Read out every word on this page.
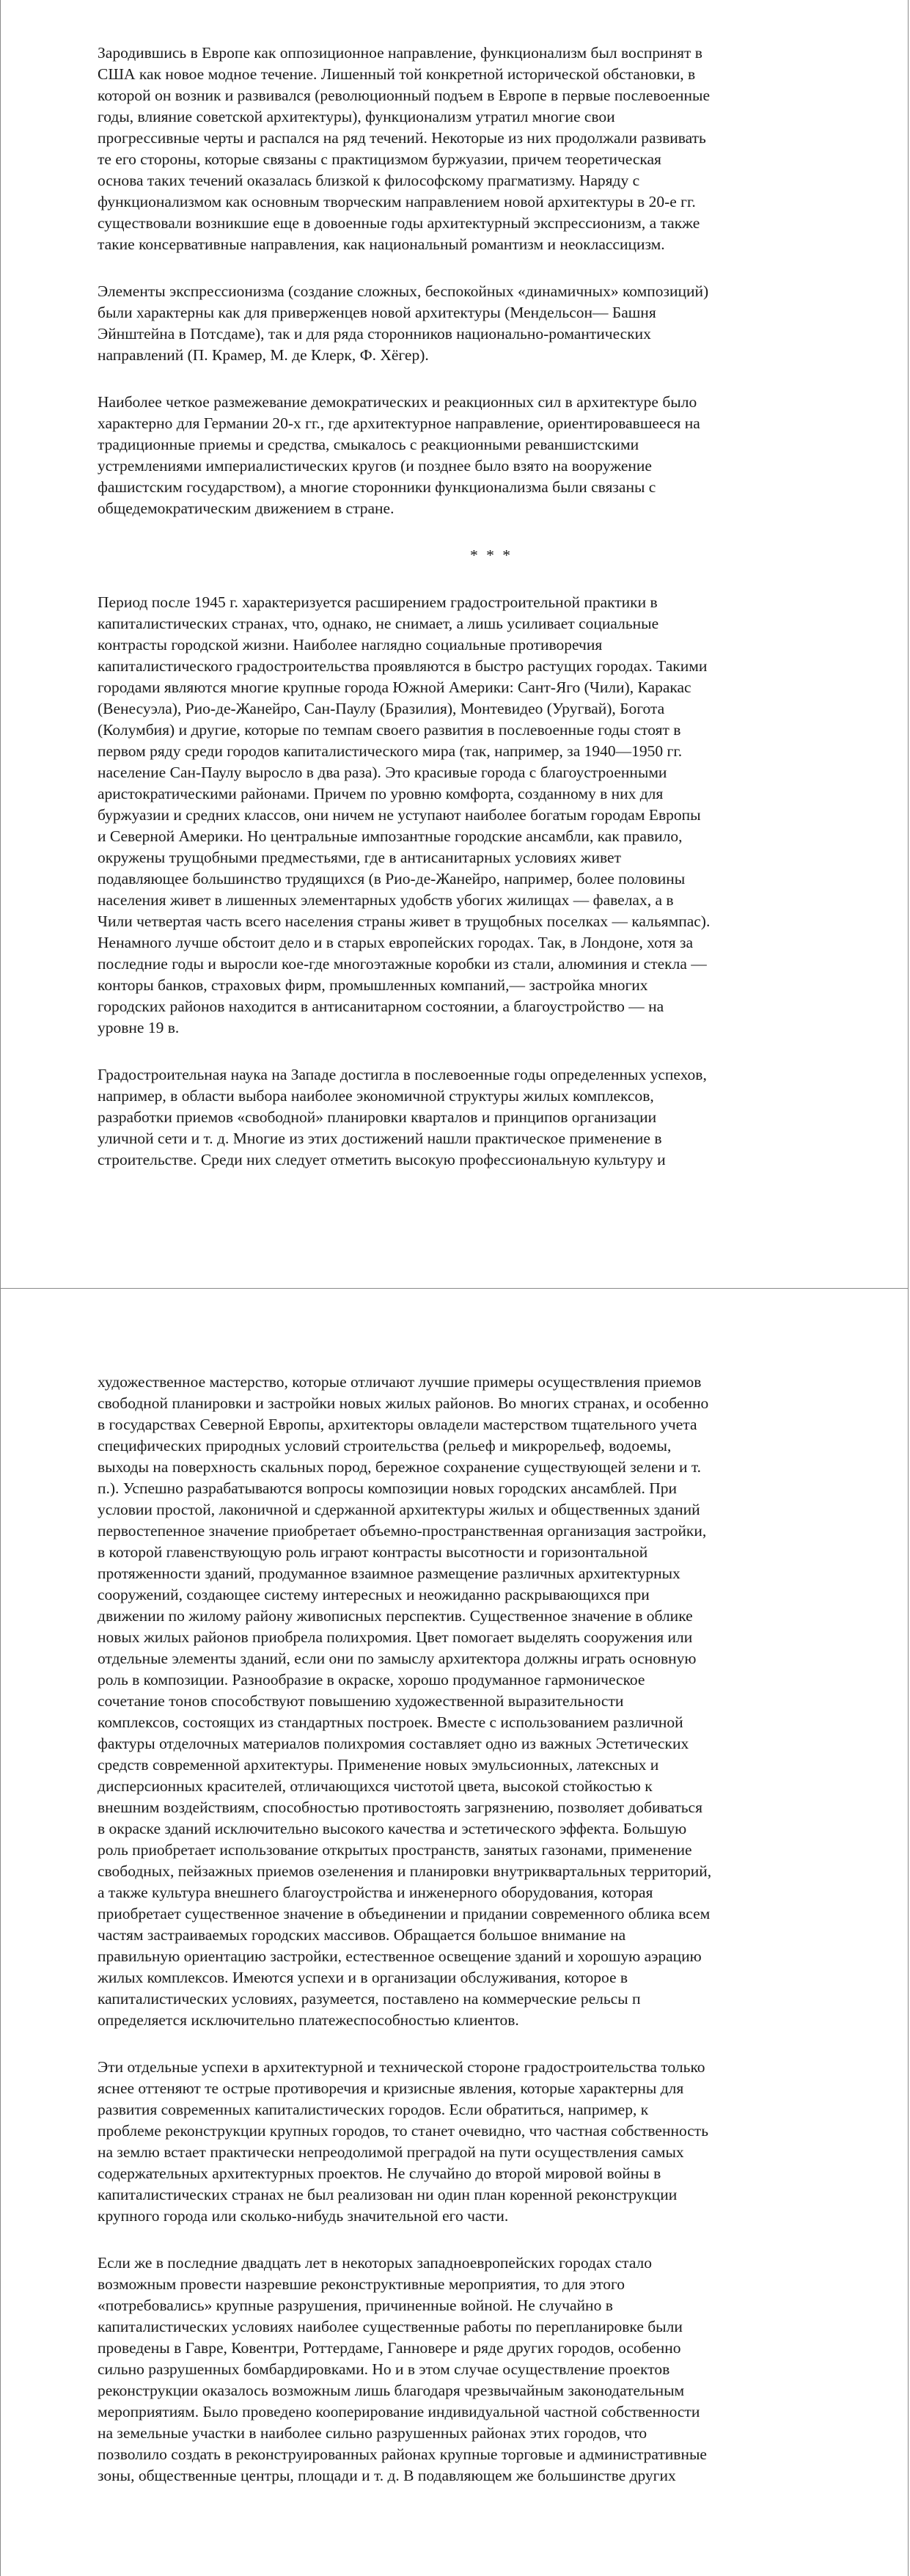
Зародившись в Европе как оппозиционное направление, функционализм был воспринят в
США как новое модное течение. Лишенный той конкретной исторической обстановки, в
которой он возник и развивался (революционный подъем в Европе в первые послевоенные
годы, влияние советской архитектуры), функционализм утратил многие свои
прогрессивные черты и распался на ряд течений. Некоторые из них продолжали развивать
те его стороны, которые связаны с практицизмом буржуазии, причем теоретическая
основа таких течений оказалась близкой к философскому прагматизму. Наряду с
функционализмом как основным творческим направлением новой архитектуры в 20-е гг.
существовали возникшие еще в довоенные годы архитектурный экспрессионизм, а также
такие консервативные направления, как национальный романтизм и неоклассицизм.
Элементы экспрессионизма (создание сложных, беспокойных «динамичных» композиций)
были характерны как для приверженцев новой архитектуры (Мендельсон— Башня
Эйнштейна в Потсдаме), так и для ряда сторонников национально-романтических
направлений (П. Крамер, М. де Клерк, Ф. Хёгер).
Наиболее четкое размежевание демократических и реакционных сил в архитектуре было
характерно для Германии 20-х гг., где архитектурное направление, ориентировавшееся на
традиционные приемы и средства, смыкалось с реакционными реваншистскими
устремлениями империалистических кругов (и позднее было взято на вооружение
фашистским государством), а многие сторонники функционализма были связаны с
общедемократическим движением в стране.
* * *
Период после 1945 г. характеризуется расширением градостроительной практики в
капиталистических странах, что, однако, не снимает, а лишь усиливает социальные
контрасты городской жизни. Наиболее наглядно социальные противоречия
капиталистического градостроительства проявляются в быстро растущих городах. Такими
городами являются многие крупные города Южной Америки: Сант-Яго (Чили), Каракас
(Венесуэла), Рио-де-Жанейро, Сан-Паулу (Бразилия), Монтевидео (Уругвай), Богота
(Колумбия) и другие, которые по темпам своего развития в послевоенные годы стоят в
первом ряду среди городов капиталистического мира (так, например, за 1940—1950 гг.
население Сан-Паулу выросло в два раза). Это красивые города с благоустроенными
аристократическими районами. Причем по уровню комфорта, созданному в них для
буржуазии и средних классов, они ничем не уступают наиболее богатым городам Европы
и Северной Америки. Но центральные импозантные городские ансамбли, как правило,
окружены трущобными предместьями, где в антисанитарных условиях живет
подавляющее большинство трудящихся (в Рио-де-Жанейро, например, более половины
населения живет в лишенных элементарных удобств убогих жилищах — фавелах, а в
Чили четвертая часть всего населения страны живет в трущобных поселках — кальямпас).
Ненамного лучше обстоит дело и в старых европейских городах. Так, в Лондоне, хотя за
последние годы и выросли кое-где многоэтажные коробки из стали, алюминия и стекла —
конторы банков, страховых фирм, промышленных компаний,— застройка многих
городских районов находится в антисанитарном состоянии, а благоустройство — на
уровне 19 в.
Градостроительная наука на Западе достигла в послевоенные годы определенных успехов,
например, в области выбора наиболее экономичной структуры жилых комплексов,
разработки приемов «свободной» планировки кварталов и принципов организации
уличной сети и т. д. Многие из этих достижений нашли практическое применение в
строительстве. Среди них следует отметить высокую профессиональную культуру и
художественное мастерство, которые отличают лучшие примеры осуществления приемов
свободной планировки и застройки новых жилых районов. Во многих странах, и особенно
в государствах Северной Европы, архитекторы овладели мастерством тщательного учета
специфических природных условий строительства (рельеф и микрорельеф, водоемы,
выходы на поверхность скальных пород, бережное сохранение существующей зелени и т.
п.). Успешно разрабатываются вопросы композиции новых городских ансамблей. При
условии простой, лаконичной и сдержанной архитектуры жилых и общественных зданий
первостепенное значение приобретает объемно-пространственная организация застройки,
в которой главенствующую роль играют контрасты высотности и горизонтальной
протяженности зданий, продуманное взаимное размещение различных архитектурных
сооружений, создающее систему интересных и неожиданно раскрывающихся при
движении по жилому району живописных перспектив. Существенное значение в облике
новых жилых районов приобрела полихромия. Цвет помогает выделять сооружения или
отдельные элементы зданий, если они по замыслу архитектора должны играть основную
роль в композиции. Разнообразие в окраске, хорошо продуманное гармоническое
сочетание тонов способствуют повышению художественной выразительности
комплексов, состоящих из стандартных построек. Вместе с использованием различной
фактуры отделочных материалов полихромия составляет одно из важных Эстетических
средств современной архитектуры. Применение новых эмульсионных, латексных и
дисперсионных красителей, отличающихся чистотой цвета, высокой стойкостью к
внешним воздействиям, способностью противостоять загрязнению, позволяет добиваться
в окраске зданий исключительно высокого качества и эстетического эффекта. Большую
роль приобретает использование открытых пространств, занятых газонами, применение
свободных, пейзажных приемов озеленения и планировки внутриквартальных территорий,
а также культура внешнего благоустройства и инженерного оборудования, которая
приобретает существенное значение в объединении и придании современного облика всем
частям застраиваемых городских массивов. Обращается большое внимание на
правильную ориентацию застройки, естественное освещение зданий и хорошую аэрацию
жилых комплексов. Имеются успехи и в организации обслуживания, которое в
капиталистических условиях, разумеется, поставлено на коммерческие рельсы п
определяется исключительно платежеспособностью клиентов.
Эти отдельные успехи в архитектурной и технической стороне градостроительства только
яснее оттеняют те острые противоречия и кризисные явления, которые характерны для
развития современных капиталистических городов. Если обратиться, например, к
проблеме реконструкции крупных городов, то станет очевидно, что частная собственность
на землю встает практически непреодолимой преградой на пути осуществления самых
содержательных архитектурных проектов. Не случайно до второй мировой войны в
капиталистических странах не был реализован ни один план коренной реконструкции
крупного города или сколько-нибудь значительной его части.
Если же в последние двадцать лет в некоторых западноевропейских городах стало
возможным провести назревшие реконструктивные мероприятия, то для этого
«потребовались» крупные разрушения, причиненные войной. Не случайно в
капиталистических условиях наиболее существенные работы по перепланировке были
проведены в Гавре, Ковентри, Роттердаме, Ганновере и ряде других городов, особенно
сильно разрушенных бомбардировками. Но и в этом случае осуществление проектов
реконструкции оказалось возможным лишь благодаря чрезвычайным законодательным
мероприятиям. Было проведено кооперирование индивидуальной частной собственности
на земельные участки в наиболее сильно разрушенных районах этих городов, что
позволило создать в реконструированных районах крупные торговые и административные
зоны, общественные центры, площади и т. д. В подавляющем же большинстве других
